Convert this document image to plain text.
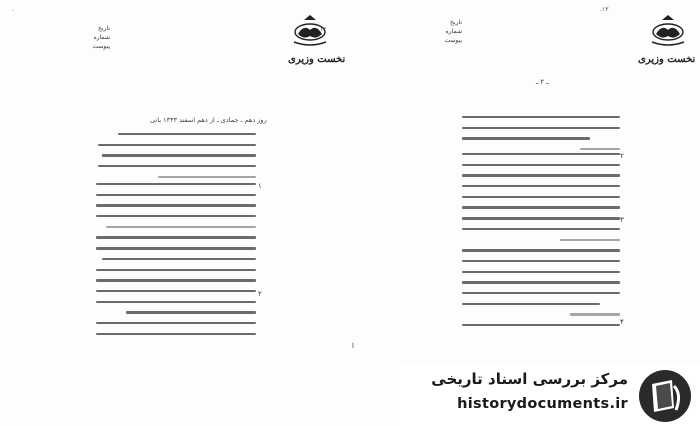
·
۱۲
نخست وزیری
تاریخ
شماره
پیوست
روز دهم ـ جمادی ـ از دهم اسفند ۱۳۴۳ بانی
۱
۲
· ۱۳
نخست وزیری
تاریخ
شماره
پیوست
ـ ۲ ـ
۲
۳
۴
ا
مرکز بررسی اسناد تاریخی
historydocuments.ir
